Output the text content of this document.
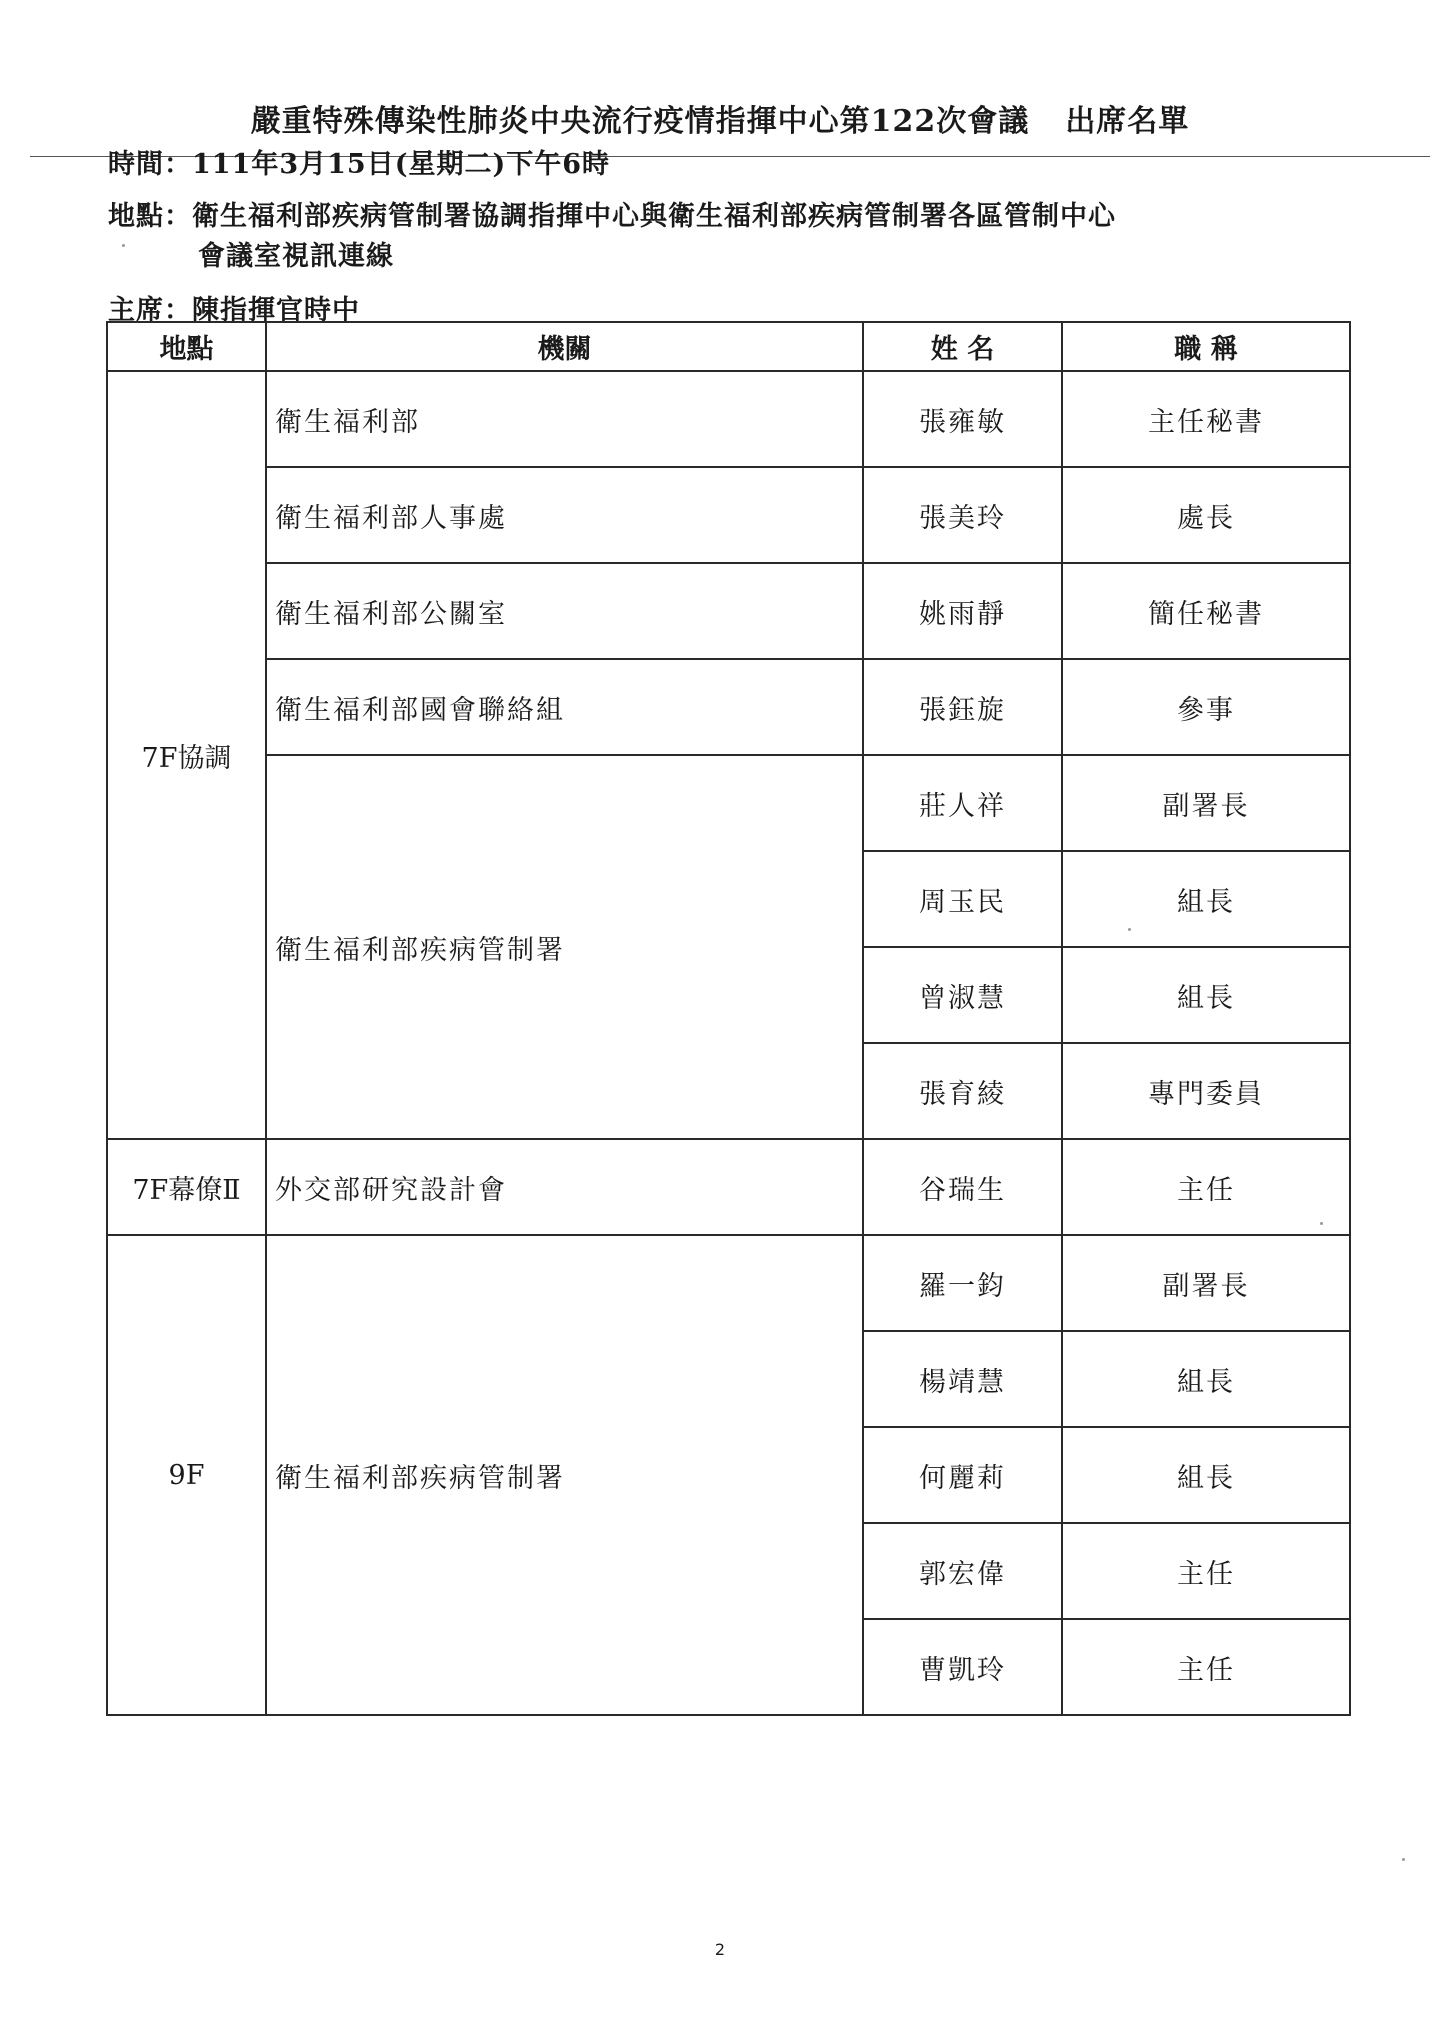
嚴重特殊傳染性肺炎中央流行疫情指揮中心第122次會議 出席名單
時間：111年3月15日(星期二)下午6時
地點：衛生福利部疾病管制署協調指揮中心與衛生福利部疾病管制署各區管制中心
會議室視訊連線
主席：陳指揮官時中
地點	機關	姓 名	職 稱
7F協調	衛生福利部	張雍敏	主任秘書
	衛生福利部人事處	張美玲	處長
	衛生福利部公關室	姚雨靜	簡任秘書
	衛生福利部國會聯絡組	張鈺旋	參事
	衛生福利部疾病管制署	莊人祥	副署長
		周玉民	組長
		曾淑慧	組長
		張育綾	專門委員
7F幕僚Ⅱ	外交部研究設計會	谷瑞生	主任
9F	衛生福利部疾病管制署	羅一鈞	副署長
		楊靖慧	組長
		何麗莉	組長
		郭宏偉	主任
		曹凱玲	主任
2
